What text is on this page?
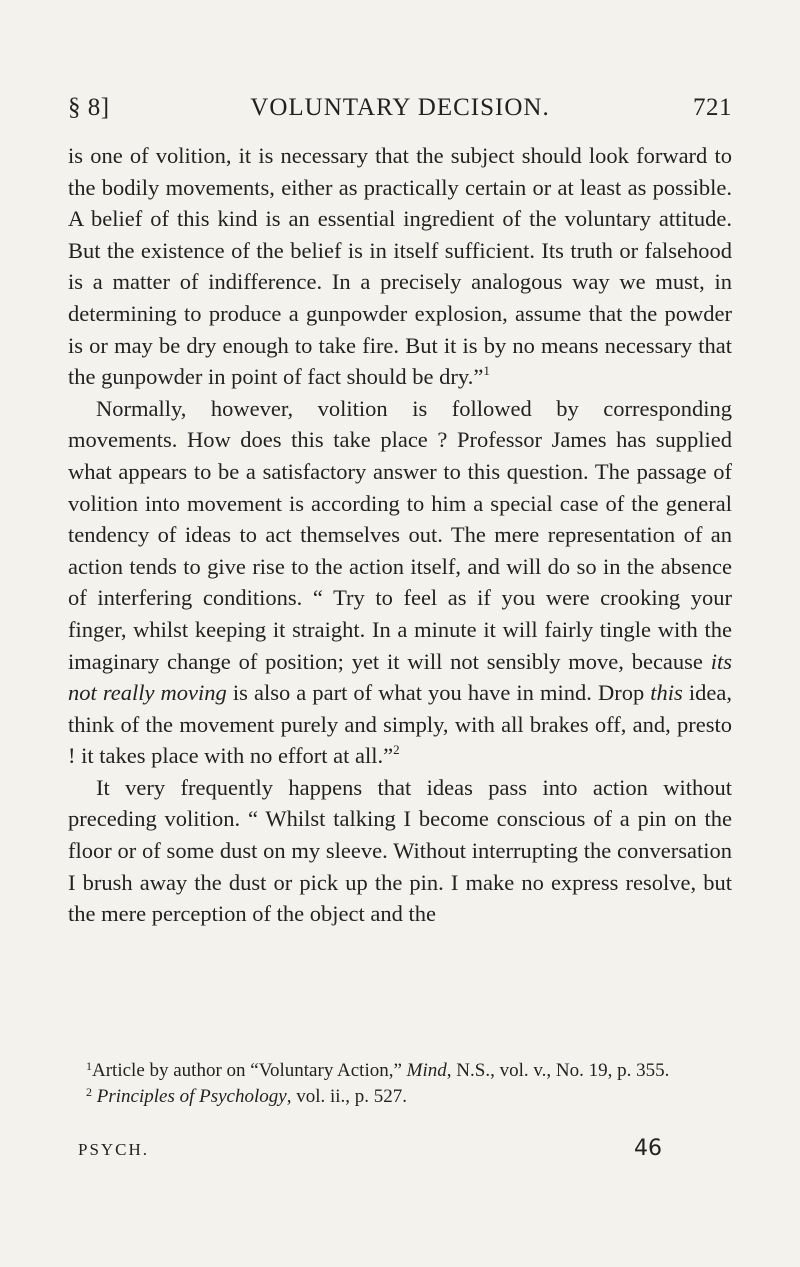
§ 8]	VOLUNTARY DECISION.	721

is one of volition, it is necessary that the subject should look forward to the bodily movements, either as practically certain or at least as possible. A belief of this kind is an essential ingredient of the voluntary attitude. But the existence of the belief is in itself sufficient. Its truth or falsehood is a matter of indifference. In a precisely analogous way we must, in determining to produce a gunpowder explosion, assume that the powder is or may be dry enough to take fire. But it is by no means necessary that the gunpowder in point of fact should be dry.”$^1$

Normally, however, volition is followed by corresponding movements. How does this take place ? Professor James has supplied what appears to be a satisfactory answer to this question. The passage of volition into movement is according to him a special case of the general tendency of ideas to act themselves out. The mere representation of an action tends to give rise to the action itself, and will do so in the absence of interfering conditions. “ Try to feel as if you were crooking your finger, whilst keeping it straight. In a minute it will fairly tingle with the imaginary change of position; yet it will not sensibly move, because its not really moving is also a part of what you have in mind. Drop this idea, think of the movement purely and simply, with all brakes off, and, presto ! it takes place with no effort at all.”$^2$

It very frequently happens that ideas pass into action without preceding volition. “ Whilst talking I become conscious of a pin on the floor or of some dust on my sleeve. Without interrupting the conversation I brush away the dust or pick up the pin. I make no express resolve, but the mere perception of the object and the

$^1$Article by author on “Voluntary Action,” Mind, N.S., vol. v., No. 19, p. 355.

$^2$ Principles of Psychology, vol. ii., p. 527.

PSYCH.	46
